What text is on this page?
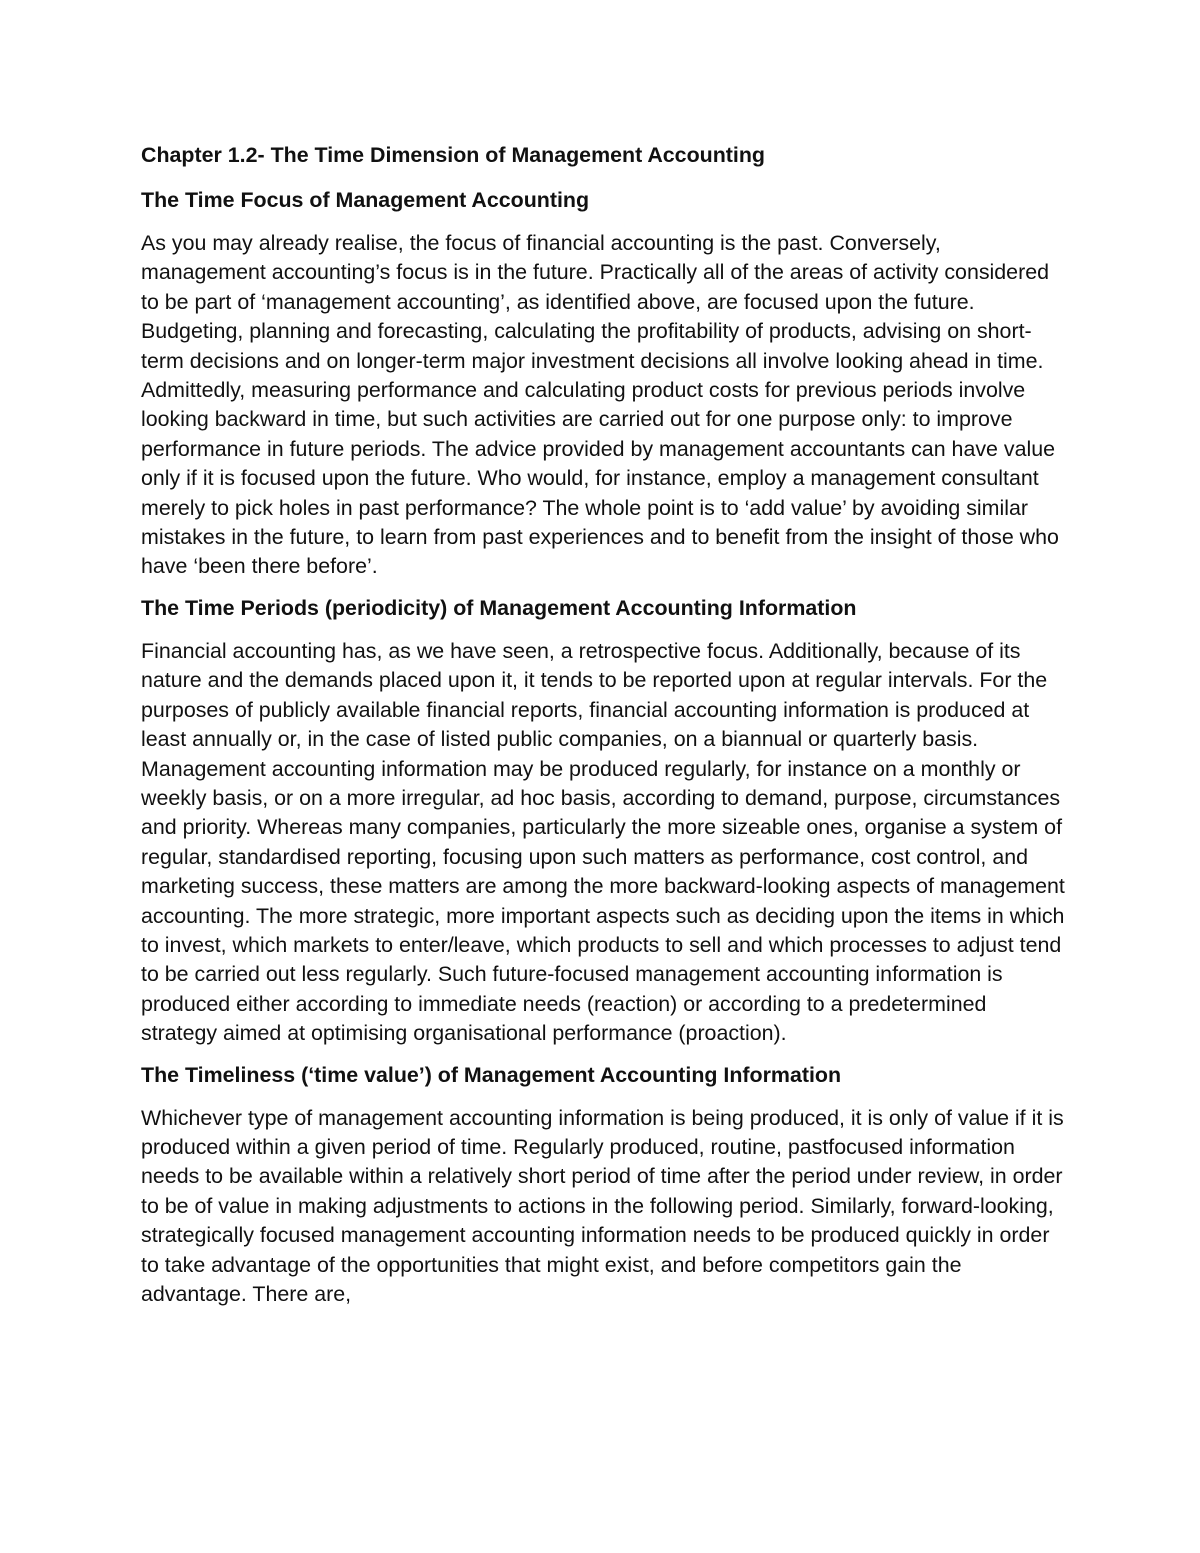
Chapter 1.2- The Time Dimension of Management Accounting
The Time Focus of Management Accounting
As you may already realise, the focus of financial accounting is the past. Conversely, management accounting’s focus is in the future. Practically all of the areas of activity considered to be part of ‘management accounting’, as identified above, are focused upon the future. Budgeting, planning and forecasting, calculating the profitability of products, advising on short-term decisions and on longer-term major investment decisions all involve looking ahead in time. Admittedly, measuring performance and calculating product costs for previous periods involve looking backward in time, but such activities are carried out for one purpose only: to improve performance in future periods. The advice provided by management accountants can have value only if it is focused upon the future. Who would, for instance, employ a management consultant merely to pick holes in past performance? The whole point is to ‘add value’ by avoiding similar mistakes in the future, to learn from past experiences and to benefit from the insight of those who have ‘been there before’.
The Time Periods (periodicity) of Management Accounting Information
Financial accounting has, as we have seen, a retrospective focus. Additionally, because of its nature and the demands placed upon it, it tends to be reported upon at regular intervals. For the purposes of publicly available financial reports, financial accounting information is produced at least annually or, in the case of listed public companies, on a biannual or quarterly basis. Management accounting information may be produced regularly, for instance on a monthly or weekly basis, or on a more irregular, ad hoc basis, according to demand, purpose, circumstances and priority. Whereas many companies, particularly the more sizeable ones, organise a system of regular, standardised reporting, focusing upon such matters as performance, cost control, and marketing success, these matters are among the more backward-looking aspects of management accounting. The more strategic, more important aspects such as deciding upon the items in which to invest, which markets to enter/leave, which products to sell and which processes to adjust tend to be carried out less regularly. Such future-focused management accounting information is produced either according to immediate needs (reaction) or according to a predetermined strategy aimed at optimising organisational performance (proaction).
The Timeliness (‘time value’) of Management Accounting Information
Whichever type of management accounting information is being produced, it is only of value if it is produced within a given period of time. Regularly produced, routine, pastfocused information needs to be available within a relatively short period of time after the period under review, in order to be of value in making adjustments to actions in the following period. Similarly, forward-looking, strategically focused management accounting information needs to be produced quickly in order to take advantage of the opportunities that might exist, and before competitors gain the advantage. There are,
